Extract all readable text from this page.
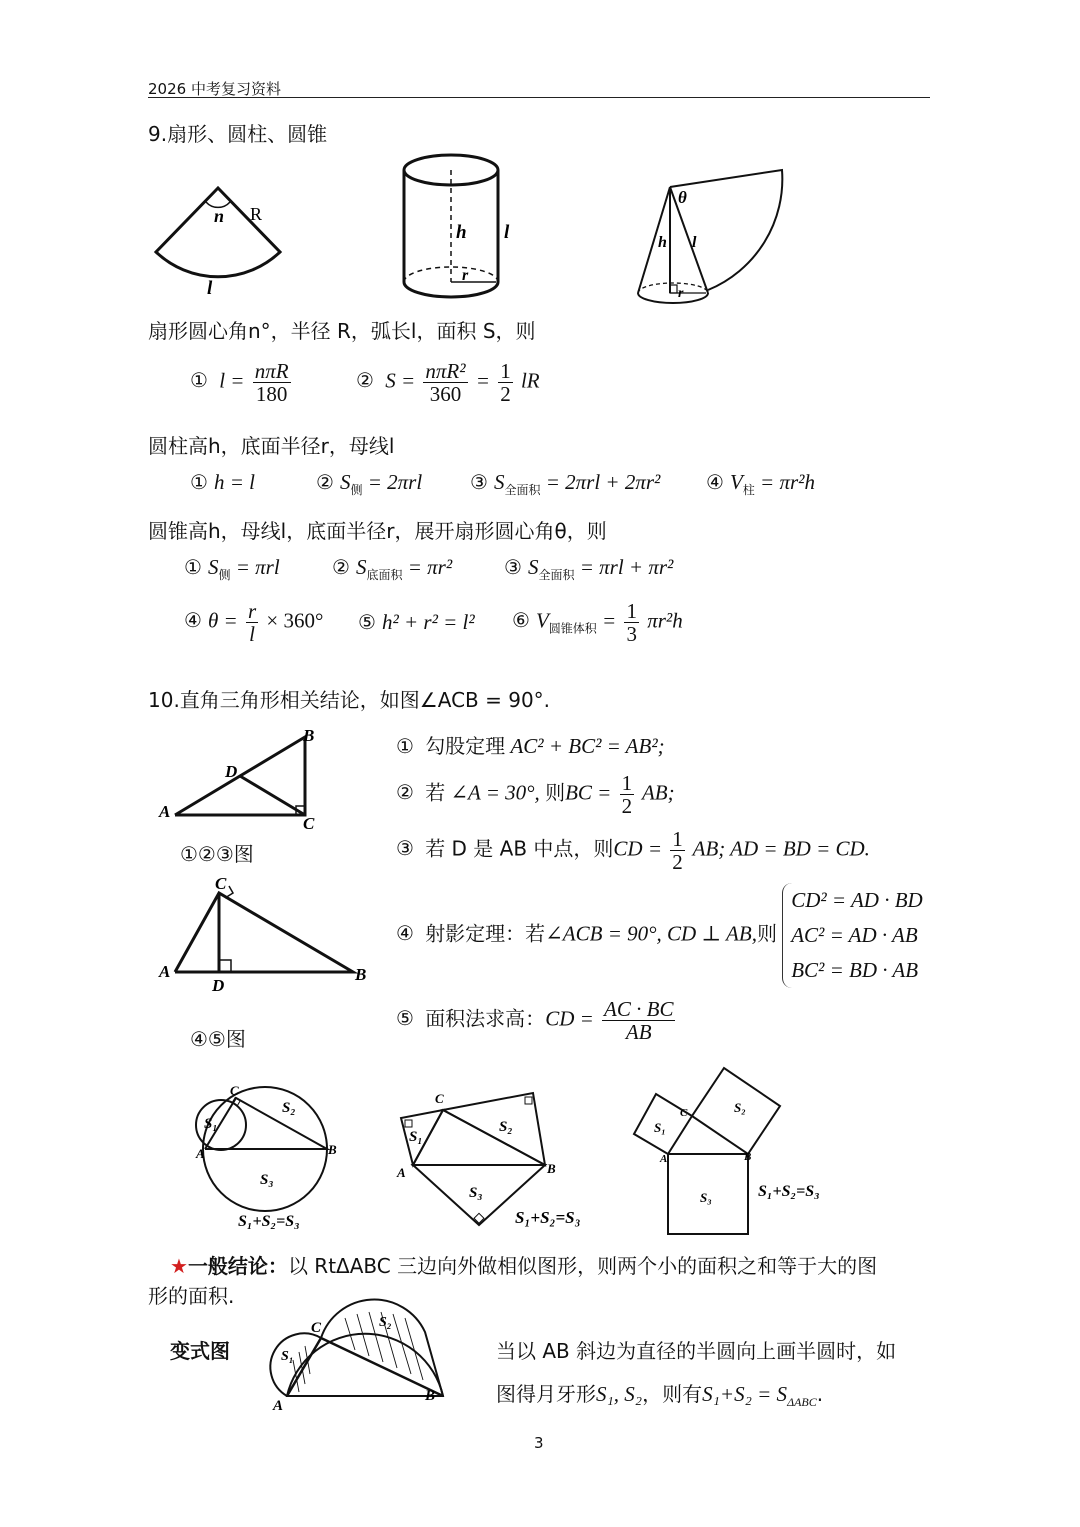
2026 中考复习资料
9.扇形、圆柱、圆锥
n R
l
h l
r
θ
h l
r
扇形圆心角n°，半径 R，弧长l，面积 S，则
① $l = \frac{\text{nπR}}{180}$	② $S = \frac{\text{nπR²}}{360} = \frac{1}{2}$ lR
圆柱高h，底面半径r，母线l
① h = l	② $S_侧 = 2\pi rl$ ③ $S_{全面积} = 2\pi rl + 2\pi r^2$ ④ $V_柱 = \pi r^2h$
圆锥高h，母线l，底面半径r，展开扇形圆心角θ，则
① $S_侧 = \pi rl$	② $S_{底面积} = \pi r^2$	③ $S_{全面积} = \pi rl + \pi r^2$
④ $\theta = \frac{r}{l} \times 360^\circ$ ⑤ h² + r² = l² ⑥ $V_{圆锥体积} = \frac{1}{3} \pi r^2h$
10.直角三角形相关结论，如图∠ACB = 90°.
A
B
C
D
①②③图
A	B
C
D
④⑤图
① 勾股定理 AC² + BC² = AB²;
② 若 ∠A = 30°, 则BC = $\frac{1}{2}$ AB;
③ 若 D 是 AB 中点，则CD = $\frac{1}{2}$ AB; AD = BD = CD.
④ 射影定理：若∠ACB = 90°, CD ⊥ AB,则
CD² = AD · BD
AC² = AD · AB
BC² = BD · AB
⑤ 面积法求高：CD = $\frac{AC \cdot BC}{AB}$
C
A	B
S₁
S₂
S₃
S₁+S₂=S₃
C
A	B
S₁
S₂
S₃
S₁+S₂=S₃
C
A	B
S₁
S₂
S₃	S₁+S₂=S₃
★一般结论：以 RtΔABC 三边向外做相似图形，则两个小的面积之和等于大的图
形的面积.
变式图
C
A
B
S₁
S₂
当以 AB 斜边为直径的半圆向上画半圆时，如
图得月牙形S₁, S₂，则有$S_1+S_2 = S_{\Delta ABC}$.
3
